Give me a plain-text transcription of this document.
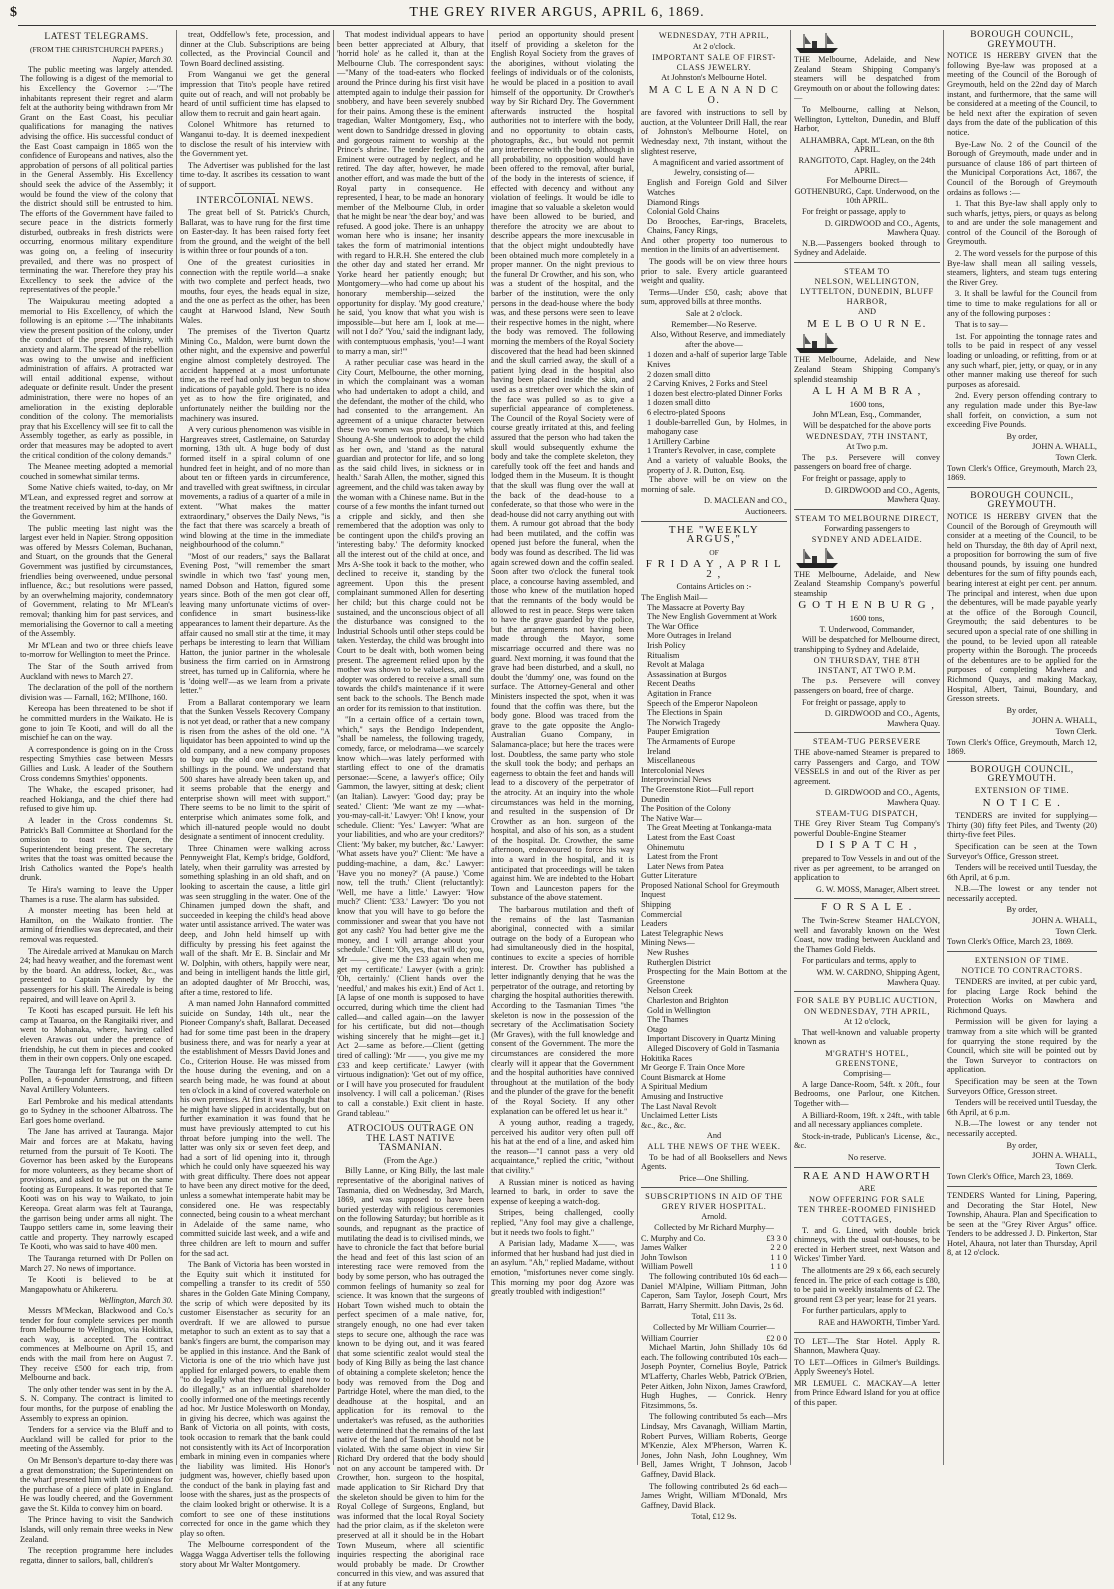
$	THE GREY RIVER ARGUS, APRIL 6, 1869.
LATEST TELEGRAMS.
(FROM THE CHRISTCHURCH PAPERS.)

Napier, March 30.

The public meeting was largely attended. The following is a digest of the memorial to his Excellency the Governor :—"The inhabitants represent their regret and alarm felt at the authority being withdrawn from Mr Grant on the East Coast, his peculiar qualifications for managing the natives advising the office. His successful conduct of the East Coast campaign in 1865 won the confidence of Europeans and natives, also the approbation of persons of all political parties in the General Assembly. His Excellency should seek the advice of the Assembly; it would be found the view of the colony that the district should still be entrusted to him. The efforts of the Government have failed to secure peace in the districts formerly disturbed, outbreaks in fresh districts were occurring, enormous military expenditure was going on, a feeling of insecurity prevailed, and there was no prospect of terminating the war. Therefore they pray his Excellency to seek the advice of the representatives of the people."

The Waipukurau meeting adopted a memorial to His Excellency, of which the following is an epitome :—"The inhabitants view the present position of the colony, under the conduct of the present Ministry, with anxiety and alarm. The spread of the rebellion was owing to the unwise and inefficient administration of affairs. A protracted war will entail additional expense, without adequate or definite result. Under the present administration, there were no hopes of an amelioration in the existing deplorable condition of the colony. The memorialists pray that his Excellency will see fit to call the Assembly together, as early as possible, in order that measures may be adopted to avert the critical condition of the colony demands."

The Meanee meeting adopted a memorial couched in somewhat similar terms.

Some Native chiefs waited, to-day, on Mr M'Lean, and expressed regret and sorrow at the treatment received by him at the hands of the Government.

The public meeting last night was the largest ever held in Napier. Strong opposition was offered by Messrs Coleman, Buchanan, and Stuart, on the grounds that the General Government was justified by circumstances, friendlies being overweened, undue personal influence, &c.; but resolutions were passed, by an overwhelming majority, condemnatory of Government, relating to Mr M'Lean's removal; thanking him for past services, and memorialising the Governor to call a meeting of the Assembly.

Mr M'Lean and two or three chiefs leave to-morrow for Wellington to meet the Prince.

The Star of the South arrived from Auckland with news to March 27.

The declaration of the poll of the northern division was — Farnall, 162; M'Ilhone, 160.

Kereopa has been threatened to be shot if he committed murders in the Waikato. He is gone to join Te Kooti, and will do all the mischief he can on the way.

A correspondence is going on in the Cross respecting Smythies case between Messrs Gillies and Lusk. A leader of the Southern Cross condemns Smythies' opponents.

The Whake, the escaped prisoner, had reached Hokianga, and the chief there had refused to give him up.

A leader in the Cross condemns St. Patrick's Ball Committee at Shortland for the omission to toast the Queen, the Superintendent being present. The secretary writes that the toast was omitted because the Irish Catholics wanted the Pope's health drunk.

Te Hira's warning to leave the Upper Thames is a ruse. The alarm has subsided.

A monster meeting has been held at Hamilton, on the Waikato frontier. The arming of friendlies was deprecated, and their removal was requested.

The Airedale arrived at Manukau on March 24; had heavy weather, and the foremast went by the board. An address, locket, &c., was presented to Captain Kennedy by the passengers for his skill. The Airedale is being repaired, and will leave on April 3.

Te Kooti has escaped pursuit. He left his camp at Tauaroa, on the Rangitaiki river, and went to Mohanaka, where, having called eleven Arawas out under the pretence of friendship, he cut them in pieces and cooked them in their own coppers. Only one escaped.

The Tauranga left for Tauranga with Dr Pollen, a 6-pounder Armstrong, and fifteen Naval Artillery Volunteers.

Earl Pembroke and his medical attendants go to Sydney in the schooner Albatross. The Earl goes home overland.

The Jane has arrived at Tauranga. Major Mair and forces are at Makatu, having returned from the pursuit of Te Kooti. The Governor has been asked by the Europeans for more volunteers, as they became short of provisions, and asked to be put on the same footing as Europeans. It was reported that Te Kooti was on his way to Waikato, to join Kereopa. Great alarm was felt at Tauranga, the garrison being under arms all night. The Tauppo settlers came in, some leaving their cattle and property. They narrowly escaped Te Kooti, who was said to have 400 men.

The Tauranga returned with Dr Pollen on March 27. No news of importance.

Te Kooti is believed to be at Mangapowhatu or Ahikereru.

Wellington, March 30.

Messrs M'Meckan, Blackwood and Co.'s tender for four complete services per month from Melbourne to Wellington, via Hokitika, each way, is accepted. The contract commences at Melbourne on April 15, and ends with the mail from here on August 7. They receive £500 for each trip, from Melbourne and back.

The only other tender was sent in by the A. S. N. Company. The contract is limited to four months, for the purpose of enabling the Assembly to express an opinion.

Tenders for a service via the Bluff and to Auckland will be called for prior to the meeting of the Assembly.

On Mr Benson's departure to-day there was a great demonstration; the Superintendent on the wharf presented him with 100 guineas for the purchase of a piece of plate in England. He was loudly cheered, and the Government gave the St. Kilda to convey him on board.

The Prince having to visit the Sandwich Islands, will only remain three weeks in New Zealand.

The reception programme here includes regatta, dinner to sailors, ball, children's

treat, Oddfellow's fete, procession, and dinner at the Club. Subscriptions are being collected, as the Provincial Council and Town Board declined assisting.

From Wanganui we get the general impression that Tito's people have retired quite out of reach, and will not probably be heard of until sufficient time has elapsed to allow them to recruit and gain heart again.

Colonel Whitmore has returned to Wanganui to-day. It is deemed inexpedient to disclose the result of his interview with the Government yet.

The Advertiser was published for the last time to-day. It ascribes its cessation to want of support.

INTERCOLONIAL NEWS.

The great bell of St. Patrick's Church, Ballarat, was to have rung for the first time on Easter-day. It has been raised forty feet from the ground, and the weight of the bell is within three or four pounds of a ton.

One of the greatest curiosities in connection with the reptile world—a snake with two complete and perfect heads, two mouths, four eyes, the heads equal in size, and the one as perfect as the other, has been caught at Harwood Island, New South Wales.

The premises of the Tiverton Quartz Mining Co., Maldon, were burnt down the other night, and the expensive and powerful engine almost completely destroyed. The accident happened at a most unfortunate time, as the reef had only just begun to show indications of payable gold. There is no idea yet as to how the fire originated, and unfortunately neither the building nor the machinery was insured.

A very curious phenomenon was visible in Hargreaves street, Castlemaine, on Saturday morning, 13th ult. A huge body of dust formed itself in a spiral column of one hundred feet in height, and of no more than about ten or fifteen yards in circumference, and travelled with great swiftness, in circular movements, a radius of a quarter of a mile in extent. "What makes the matter extraordinary," observes the Daily News, "is the fact that there was scarcely a breath of wind blowing at the time in the immediate neighbourhood of the column."

"Most of our readers," says the Ballarat Evening Post, "will remember the smart swindle in which two 'fast' young men, named Dobson and Hatton, figured some years since. Both of the men got clear off, leaving many unfortunate victims of over-confidence in smart business-like appearances to lament their departure. As the affair caused no small stir at the time, it may perhaps be interesting to learn that William Hatton, the junior partner in the wholesale business the firm carried on in Armstrong street, has turned up in California, where he is 'doing well'—as we learn from a private letter."

From a Ballarat contemporary we learn that the Sunken Vessels Recovery Company is not yet dead, or rather that a new company is risen from the ashes of the old one. "A liquidator has been appointed to wind up the old company, and a new company proposes to buy up the old one and pay twenty shillings in the pound. We understand that 500 shares have already been taken up, and it seems probable that the energy and enterprise shown will meet with support." There seems to be no limit to the spirit of enterprise which animates some folk, and which ill-natured people would no doubt designate a sentiment of innocent credulity.

Three Chinamen were walking across Pennyweight Flat, Kemp's bridge, Goldford, lately, when their garrulity was arrested by something splashing in an old shaft, and on looking to ascertain the cause, a little girl was seen struggling in the water. One of the Chinamen jumped down the shaft, and succeeded in keeping the child's head above water until assistance arrived. The water was deep, and John held himself up with difficulty by pressing his feet against the wall of the shaft. Mr E. B. Sinclair and Mr W. Dolphin, with others, happily were near, and being in intelligent hands the little girl, an adopted daughter of Mr Brocchi, was, after a time, restored to life.

A man named John Hannaford committed suicide on Sunday, 14th ult., near the Pioneer Company's shaft, Ballarat. Deceased had for some time past been in the drapery business there, and was for nearly a year at the establishment of Messrs David Jones and Co., Criterion House. He was missed from the house during the evening, and on a search being made, he was found at about ten o'clock in a kind of covered waterhole on his own premises. At first it was thought that he might have slipped in accidentally, but on further examination it was found that he must have previously attempted to cut his throat before jumping into the well. The latter was only six or seven feet deep, and had a sort of lid opening into it, through which he could only have squeezed his way with great difficulty. There does not appear to have been any direct motive for the deed, unless a somewhat intemperate habit may be considered one. He was respectably connected, being cousin to a wheat merchant in Adelaide of the same name, who committed suicide last week, and a wife and three children are left to mourn and suffer for the sad act.

The Bank of Victoria has been worsted in the Equity suit which it instituted for compelling a transfer to its credit of 550 shares in the Golden Gate Mining Company, the scrip of which were deposited by its customer Eisenstacher as security for an overdraft. If we are allowed to pursue metaphor to such an extent as to say that a bank's fingers are burnt, the comparison may be applied in this instance. And the Bank of Victoria is one of the trio which have just applied for enlarged powers, to enable them "to do legally what they are obliged now to do illegally," as an influential shareholder coolly informed one of the meetings recently ad hoc. Mr Justice Molesworth on Monday, in giving his decree, which was against the Bank of Victoria on all points, with costs, took occasion to remark that the bank could not consistently with its Act of Incorporation embark in mining even in companies where the liability was limited. His Honor's judgment was, however, chiefly based upon the conduct of the bank in playing fast and loose with the shares, just as the prospects of the claim looked bright or otherwise. It is a comfort to see one of these institutions corrected for once in the game which they play so often.

The Melbourne correspondent of the Wagga Wagga Advertiser tells the following story about Mr Walter Montgomery.

That modest individual appears to have been better appreciated at Albury, that 'horrid hole' as he called it, than at the Melbourne Club. The correspondent says:—"Many of the toad-eaters who flocked around the Prince during his first visit have attempted again to indulge their passion for snobbery, and have been severely snubbed for their pains. Among these is the eminent tragedian, Walter Montgomery, Esq., who went down to Sandridge dressed in gloving and gorgeous raiment to worship at the Prince's shrine. The tender feelings of the Eminent were outraged by neglect, and he retired. The day after, however, he made another effort, and was made the butt of the Royal party in consequence. He represented, I hear, to be made an honorary member of the Melbourne Club, in order that he might be near 'the dear boy,' and was refused. A good joke. There is an unhappy woman here who is insane; her insanity takes the form of matrimonial intentions with regard to H.R.H. She entered the club the other day and stated her errand. Mr Yorke heard her patiently enough; but Montgomery—who had come up about his honorary membership—seized the opportunity for display. 'My good creature,' he said, 'you know that what you wish is impossible—but here am I, look at me—will not I do?' 'You,' said the indignant lady, with contemptuous emphasis, 'you!—I want to marry a man, sir!'"

A rather peculiar case was heard in the City Court, Melbourne, the other morning, in which the complainant was a woman who had undertaken to adopt a child, and the defendant, the mother of the child, who had consented to the arrangement. An agreement of a unique character between these two women was produced, by which Shoung A-She undertook to adopt the child as her own, and 'stand as the natural guardian and protector for life, and so long as the said child lives, in sickness or in health.' Sarah Allen, the mother, signed this agreement, and the child was taken away by the woman with a Chinese name. But in the course of a few months the infant turned out a cripple and sickly, and then she remembered that the adoption was only to be contingent upon the child's proving an 'interesting baby.' The deformity knocked all the interest out of the child at once, and Mrs A-She took it back to the mother, who declined to receive it, standing by the agreement. Upon this the present complainant summoned Allen for deserting her child; but this charge could not be sustained, and the unconscious object of all the disturbance was consigned to the Industrial Schools until other steps could be taken. Yesterday, the child was brought into Court to be dealt with, both women being present. The agreement relied upon by the mother was shown to be valueless, and the adopter was ordered to receive a small sum towards the child's maintenance if it were sent back to the schools. The Bench made an order for its remission to that institution.

"In a certain office of a certain town, which," says the Bendigo Independent, "shall be nameless, the following tragedy, comedy, farce, or melodrama—we scarcely know which—was lately performed with startling effect to one of the dramatis personae:—Scene, a lawyer's office; Oily Gammon, the lawyer, sitting at desk; client (an Italian). Lawyer: 'Good day; pray be seated.' Client: 'Me want ze my —what-you-may-call-it.' Lawyer: 'Oh! I know, your schedule. Client: 'Yes.' Lawyer: 'What are your liabilities, and who are your creditors?' Client: 'My baker, my butcher, &c.' Lawyer: 'What assets have you?' Client: 'Me have a pudding-machine, a dam, &c.' Lawyer: 'Have you no money?' (A pause.) 'Come now, tell the truth.' Client (reluctantly): 'Well, me have a little.' Lawyer: 'How much?' Client: '£33.' Lawyer: 'Do you not know that you will have to go before the commissioner and swear that you have not got any cash? You had better give me the money, and I will arrange about your schedule.' Client: 'Oh, yes, that will do; you, Mr ——, give me the £33 again when me get my certificate.' Lawyer (with a grin): 'Oh, certainly.' (Client hands over the 'needful,' and makes his exit.) End of Act 1. [A lapse of one month is supposed to have occurred, during which time the client had called—and called again—on the lawyer for his certificate, but did not—though wishing sincerely that he might—get it.] Act 2—same as before.—Client (getting tired of calling): 'Mr ——, you give me my £33 and keep certificate.' Lawyer (with virtuous indignation): 'Get out of my office, or I will have you prosecuted for fraudulent insolvency. I will call a policeman.' (Rises to call a constable.) Exit client in haste. Grand tableau."

ATROCIOUS OUTRAGE ON THE LAST NATIVE TASMANIAN.
(From the Age.)

Billy Lanne, or King Billy, the last male representative of the aboriginal natives of Tasmania, died on Wednesday, 3rd March, 1869, and was supposed to have been buried yesterday with religious ceremonies on the following Saturday; but horrible as it sounds, and repugnant as the practice of mutilating the dead is to civilised minds, we have to chronicle the fact that before burial the head and feet of this last scion of an interesting race were removed from the body by some person, who has outraged the common feelings of humanity so zeal for science. It was known that the surgeons of Hobart Town wished much to obtain the perfect specimen of a male native, for, strangely enough, no one had ever taken steps to secure one, although the race was known to be dying out, and it was feared that some scientific zealot would steal the body of King Billy as being the last chance of obtaining a complete skeleton; hence the body was removed from the Dog and Partridge Hotel, where the man died, to the deadhouse at the hospital, and an application for its removal to the undertaker's was refused, as the authorities were determined that the remains of the last native of the land of Tasman should not be violated. With the same object in view Sir Richard Dry ordered that the body should not on any account be tampered with. Dr Crowther, hon. surgeon to the hospital, made application to Sir Richard Dry that the skeleton should be given to him for the Royal College of Surgeons, England, but was informed that the local Royal Society had the prior claim, as if the skeleton were preserved at all it should be in the Hobart Town Museum, where all scientific inquiries respecting the aboriginal race would probably be made. Dr Crowther concurred in this view, and was assured that if at any future

period an opportunity should present itself of providing a skeleton for the English Royal Society from the graves of the aborigines, without violating the feelings of individuals or of the colonists, he would be placed in a position to avail himself of the opportunity. Dr Crowther's way by Sir Richard Dry. The Government afterwards instructed the hospital authorities not to interfere with the body, and no opportunity to obtain casts, photographs, &c., but would not permit any interference with the body, although in all probability, no opposition would have been offered to the removal, after burial, of the body in the interests of science, if effected with decency and without any violation of feelings. It would be idle to imagine that so valuable a skeleton would have been allowed to be buried, and therefore the atrocity we are about to describe appears the more inexcusable in that the object might undoubtedly have been obtained much more completely in a proper manner. On the night previous to the funeral Dr Crowther, and his son, who was a student of the hospital, and the barber of the institution, were the only persons in the dead-house where the body was, and these persons were seen to leave their respective homes in the night, where the body was removed. The following morning the members of the Royal Society discovered that the head had been skinned and the skull carried away, the skull of a patient lying dead in the hospital also having been placed inside the skin, and used as a stretcher over which the skin of the face was pulled so as to give a superficial appearance of completeness. The Council of the Royal Society were of course greatly irritated at this, and feeling assured that the person who had taken the skull would subsequently exhume the body and take the complete skeleton, they carefully took off the feet and hands and lodged them in the Museum. It is thought that the skull was flung over the wall at the back of the dead-house to a confederate, so that those who were in the dead-house did not carry anything out with them. A rumour got abroad that the body had been mutilated, and the coffin was opened just before the funeral, when the body was found as described. The lid was again screwed down and the coffin sealed. Soon after two o'clock the funeral took place, a concourse having assembled, and those who knew of the mutilation hoped that the remnants of the body would be allowed to rest in peace. Steps were taken to have the grave guarded by the police, but the arrangements not having been made through the Mayor, some miscarriage occurred and there was no guard. Next morning, it was found that the grave had been disturbed, and a skull, no doubt the 'dummy' one, was found on the surface. The Attorney-General and other Ministers inspected the spot, when it was found that the coffin was there, but the body gone. Blood was traced from the grave to the gate opposite the Anglo-Australian Guano Company, in Salamanca-place; but here the traces were lost. Doubtless, the same party who stole the skull took the body; and perhaps an eagerness to obtain the feet and hands will lead to a discovery of the perpetrator of the atrocity. At an inquiry into the whole circumstances was held in the morning, and resulted in the suspension of Dr Crowther as an hon. surgeon of the hospital, and also of his son, as a student of the hospital. Dr. Crowther, the same afternoon, endeavoured to force his way into a ward in the hospital, and it is anticipated that proceedings will be taken against him. We are indebted to the Hobart Town and Launceston papers for the substance of the above statement.

The barbarous mutilation and theft of the remains of the last Tasmanian aboriginal, connected with a similar outrage on the body of a European who had simultaneously died in the hospital, continues to excite a species of horrible interest. Dr. Crowther has published a letter indignantly denying that he was the perpetrator of the outrage, and retorting by charging the hospital authorities therewith. According to the Tasmanian Times "the skeleton is now in the possession of the secretary of the Acclimatisation Society (Mr Graves), with the full knowledge and consent of the Government. The more the circumstances are considered the more clearly will it appear that the Government and the hospital authorities have connived throughout at the mutilation of the body and the plunder of the grave for the benefit of the Royal Society. If any other explanation can be offered let us hear it."

A young author, reading a tragedy, perceived his auditor very often pull off his hat at the end of a line, and asked him the reason—"I cannot pass a very old acquaintance," replied the critic, "without that civility."

A Russian miner is noticed as having learned to bark, in order to save the expense of keeping a watch-dog.

Stripes, being challenged, coolly replied, "Any fool may give a challenge, but it needs two fools to fight."

A Parisian lady, Madame X——, was informed that her husband had just died in an asylum. "Ah," replied Madame, without emotion, "misfortunes never come singly. This morning my poor dog Azore was greatly troubled with indigestion!"

WEDNESDAY, 7TH APRIL,
At 2 o'clock.
IMPORTANT SALE OF FIRST-CLASS JEWELRY.
At Johnston's Melbourne Hotel.
M A C L E A N A N D C O.

are favored with instructions to sell by auction, at the Volunteer Drill Hall, the rear of Johnston's Melbourne Hotel, on Wednesday next, 7th instant, without the slightest reserve,

A magnificent and varied assortment of Jewelry, consisting of—

English and Foreign Gold and Silver Watches
Diamond Rings
Colonial Gold Chains
Do Brooches, Ear-rings, Bracelets, Chains, Fancy Rings,

And other property too numerous to mention in the limits of an advertisement.

The goods will be on view three hours prior to sale. Every article guaranteed weight and quality.

Terms—Under £50, cash; above that sum, approved bills at three months.

Sale at 2 o'clock.
Remember—No Reserve.

Also, Without Reserve, and immediately after the above—

1 dozen and a-half of superior large Table Knives
2 dozen small ditto
2 Carving Knives, 2 Forks and Steel
1 dozen best electro-plated Dinner Forks
1 dozen small ditto
6 electro-plated Spoons
1 double-barrelled Gun, by Holmes, in mahogany case
1 Artillery Carbine
1 Tranter's Revolver, in case, complete
And a variety of valuable Books, the property of J. R. Dutton, Esq.

The above will be on view on the morning of sale.

D. MACLEAN and CO.,
Auctioneers.
THE "WEEKLY ARGUS,"
OF
F R I D A Y , A P R I L 2 ,
Contains Articles on :-
The English Mail—
The Massacre at Poverty Bay
The New English Government at Work
The War Office
More Outrages in Ireland
Irish Policy
Ritualism
Revolt at Malaga
Assassination at Burgos
Recent Deaths
Agitation in France
Speech of the Emperor Napoleon
The Elections in Spain
The Norwich Tragedy
Pauper Emigration
The Armaments of Europe
Ireland
Miscellaneous
Intercolonial News
Interprovincial News
The Greenstone Riot—Full report
Dunedin
The Position of the Colony
The Native War—
The Great Meeting at Tonkanga-mata
Latest from the East Coast
Ohinemutu
Latest from the Front
Later News from Patea
Gutter Literature
Proposed National School for Greymouth
Inquest
Shipping
Commercial
Leaders
Latest Telegraphic News
Mining News—
New Rushes
Rutherglen District
Prospecting for the Main Bottom at the Greenstone
Nelson Creek
Charleston and Brighton
Gold in Wellington
The Thames
Otago
Important Discovery in Quartz Mining
Alleged Discovery of Gold in Tasmania
Hokitika Races
Mr George F. Train Once More
Count Bismarck at Home
A Spiritual Medium
Amusing and Instructive
The Last Naval Revolt
Unclaimed Letter Lists
&c., &c., &c.
And
ALL THE NEWS OF THE WEEK.

To be had of all Booksellers and News Agents.

Price—One Shilling.
SUBSCRIPTIONS IN AID OF THE GREY RIVER HOSPITAL.
Arnold.
Collected by Mr Richard Murphy—
C. Murphy and Co.	£3 3 0
James Walker	2 2 0
John Towlson	1 1 0
William Powell	1 1 0

The following contributed 10s 6d each—Daniel M'Alpine, William Pittman, John Caperon, Sam Taylor, Joseph Court, Mrs Barratt, Harry Shermitt. John Davis, 2s 6d.

Total, £11 3s.
Collected by Mr William Courrier—
William Courrier	£2 0 0

Michael Martin, John Shillady 10s 6d each. The following contributed 10s each—Joseph Poynter, Cornelius Boyle, Patrick M'Lafferty, Charles Webb, Patrick O'Brien, Peter Aitken, John Nixon, James Crawford, Hugh Hughes, — Conrick. Henry Fitzsimmons, 5s.

The following contributed 5s each—Mrs Lindsay, Mrs Cavanagh, William Martin, Robert Purves, William Roberts, George M'Kenzie, Alex M'Pherson, Warren K. Jones, John Nash, John Loughney, Wm Bell, James Wright, T Johnson, Jacob Gaffney, David Black.

The following contributed 2s 6d each—James Wright, William M'Donald, Mrs Gaffney, David Black.

Total, £12 9s.

THE Melbourne, Adelaide, and New Zealand Steam Shipping Company's steamers will be despatched from Greymouth on or about the following dates:—

To Melbourne, calling at Nelson, Wellington, Lyttelton, Dunedin, and Bluff Harbor,

ALHAMBRA, Capt. M'Lean, on the 8th APRIL.
RANGITOTO, Capt. Hagley, on the 24th APRIL.
For Melbourne Direct—
GOTHENBURG, Capt. Underwood, on the 10th APRIL.

For freight or passage, apply to

D. GIRDWOOD and CO., Agents, Mawhera Quay.

N.B.—Passengers booked through to Sydney and Adelaide.

STEAM TO
NELSON, WELLINGTON, LYTTELTON, DUNEDIN, BLUFF HARBOR,
AND
M E L B O U R N E.

THE Melbourne, Adelaide, and New Zealand Steam Shipping Company's splendid steamship

A L H A M B R A ,
1600 tons,
John M'Lean, Esq., Commander,
Will be despatched for the above ports
WEDNESDAY, 7TH INSTANT,
At Two p.m.

The p.s. Persevere will convey passengers on board free of charge.

For freight or passage, apply to

D. GIRDWOOD and CO., Agents, Mawhera Quay.
STEAM TO MELBOURNE DIRECT,
Forwarding passengers to
SYDNEY AND ADELAIDE.

THE Melbourne, Adelaide, and New Zealand Steamship Company's powerful steamship

G O T H E N B U R G ,
1600 tons,
T. Underwood, Commander,

Will be despatched for Melbourne direct, transhipping to Sydney and Adelaide,

ON THURSDAY, THE 8TH INSTANT, AT TWO P.M.

The p.s. Persevere will convey passengers on board, free of charge.

For freight or passage, apply to

D. GIRDWOOD and CO., Agents, Mawhera Quay.
STEAM-TUG PERSEVERE

THE above-named Steamer is prepared to carry Passengers and Cargo, and TOW VESSELS in and out of the River as per agreement.

D. GIRDWOOD and CO., Agents, Mawhera Quay.
STEAM-TUG DISPATCH,

THE Grey River Steam Tug Company's powerful Double-Engine Steamer

D I S P A T C H ,

prepared to Tow Vessels in and out of the river as per agreement, to be arranged on application to

G. W. MOSS, Manager, Albert street.
F O R S A L E .

The Twin-Screw Steamer HALCYON, well and favorably known on the West Coast, now trading between Auckland and the Thames Gold Fields.

For particulars and terms, apply to

WM. W. CARDNO, Shipping Agent, Mawhera Quay.
FOR SALE BY PUBLIC AUCTION,
ON WEDNESDAY, 7TH APRIL,
At 12 o'clock,

That well-known and valuable property known as

M'GRATH'S HOTEL, GREENSTONE,
Comprising—

A large Dance-Room, 54ft. x 20ft., four Bedrooms, one Parlour, one Kitchen. Together with—

A Billiard-Room, 19ft. x 24ft., with table and all necessary appliances complete.

Stock-in-trade, Publican's License, &c., &c.

No reserve.
RAE AND HAWORTH
ARE
NOW OFFERING FOR SALE
TEN THREE-ROOMED FINISHED COTTAGES,

T. and G. Lined, with double brick chimneys, with the usual out-houses, to be erected in Herbert street, next Watson and Wickes' Timber Yard.

The allotments are 29 x 66, each securely fenced in. The price of each cottage is £80, to be paid in weekly instalments of £2. The ground rent £3 per year; lease for 21 years.

For further particulars, apply to

RAE and HAWORTH, Timber Yard.

TO LET—The Star Hotel. Apply R. Shannon, Mawhera Quay.

TO LET—Offices in Gilmer's Buildings. Apply Sweeney's Hotel.

MR LEMUEL C. MACKAY—A letter from Prince Edward Island for you at office of this paper.

BOROUGH COUNCIL, GREYMOUTH.

NOTICE IS HEREBY GIVEN that the following Bye-law was proposed at a meeting of the Council of the Borough of Greymouth, held on the 22nd day of March instant, and furthermore, that the same will be considered at a meeting of the Council, to be held next after the expiration of seven days from the date of the publication of this notice.

Bye-Law No. 2 of the Council of the Borough of Greymouth, made under and in pursuance of clause 186 of part thirteen of the Municipal Corporations Act, 1867, the Council of the Borough of Greymouth ordains as follows :—

1. That this Bye-law shall apply only to such wharfs, jettys, piers, or quays as belong to and are under the sole management and control of the Council of the Borough of Greymouth.

2. The word vessels for the purpose of this Bye-law shall mean all sailing vessels, steamers, lighters, and steam tugs entering the River Grey.

3. It shall be lawful for the Council from time to time to make regulations for all or any of the following purposes :

That is to say—

1st. For appointing the tonnage rates and tolls to be paid in respect of any vessel loading or unloading, or refitting, from or at any such wharf, pier, jetty, or quay, or in any other manner making use thereof for such purposes as aforesaid.

2nd. Every person offending contrary to any regulation made under this Bye-law shall forfeit, on conviction, a sum not exceeding Five Pounds.

By order,
JOHN A. WHALL,
Town Clerk.

Town Clerk's Office, Greymouth, March 23, 1869.

BOROUGH COUNCIL, GREYMOUTH.

NOTICE IS HEREBY GIVEN that the Council of the Borough of Greymouth will consider at a meeting of the Council, to be held on Thursday, the 8th day of April next, a proposition for borrowing the sum of five thousand pounds, by issuing one hundred debentures for the sum of fifty pounds each, bearing interest at eight per cent. per annum. The principal and interest, when due upon the debentures, will be made payable yearly at the office of the Borough Council, Greymouth; the said debentures to be secured upon a special rate of one shilling in the pound, to be levied upon all rateable property within the Borough. The proceeds of the debentures are to be applied for the purposes of completing Mawhera and Richmond Quays, and making Mackay, Hospital, Albert, Tainui, Boundary, and Gresson streets.

By order,
JOHN A. WHALL,
Town Clerk.

Town Clerk's Office, Greymouth, March 12, 1869.

BOROUGH COUNCIL, GREYMOUTH.
EXTENSION OF TIME.
N O T I C E .

TENDERS are invited for supplying—Thirty (30) fifty feet Piles, and Twenty (20) thirty-five feet Piles.

Specification can be seen at the Town Surveyor's Office, Gresson street.

Tenders will be received until Tuesday, the 6th April, at 6 p.m.

N.B.—The lowest or any tender not necessarily accepted.

By order,
JOHN A. WHALL,
Town Clerk.

Town Clerk's Office, March 23, 1869.

EXTENSION OF TIME.
NOTICE TO CONTRACTORS.

TENDERS are invited, at per cubic yard, for placing Large Rock behind the Protection Works on Mawhera and Richmond Quays.

Permission will be given for laying a tramway from a site which will be granted for quarrying the stone required by the Council, which site will be pointed out by the Town Surveyor to contractors on application.

Specification may be seen at the Town Surveyors Office, Gresson street.

Tenders will be received until Tuesday, the 6th April, at 6 p.m.

N.B.—The lowest or any tender not necessarily accepted.

By order,
JOHN A. WHALL,
Town Clerk.

Town Clerk's Office, March 23, 1869.

TENDERS Wanted for Lining, Papering, and Decorating the Star Hotel, New Township, Ahaura. Plan and Specification to be seen at the "Grey River Argus" office. Tenders to be addressed J. D. Pinkerton, Star Hotel, Ahaura, not later than Thursday, April 8, at 12 o'clock.
